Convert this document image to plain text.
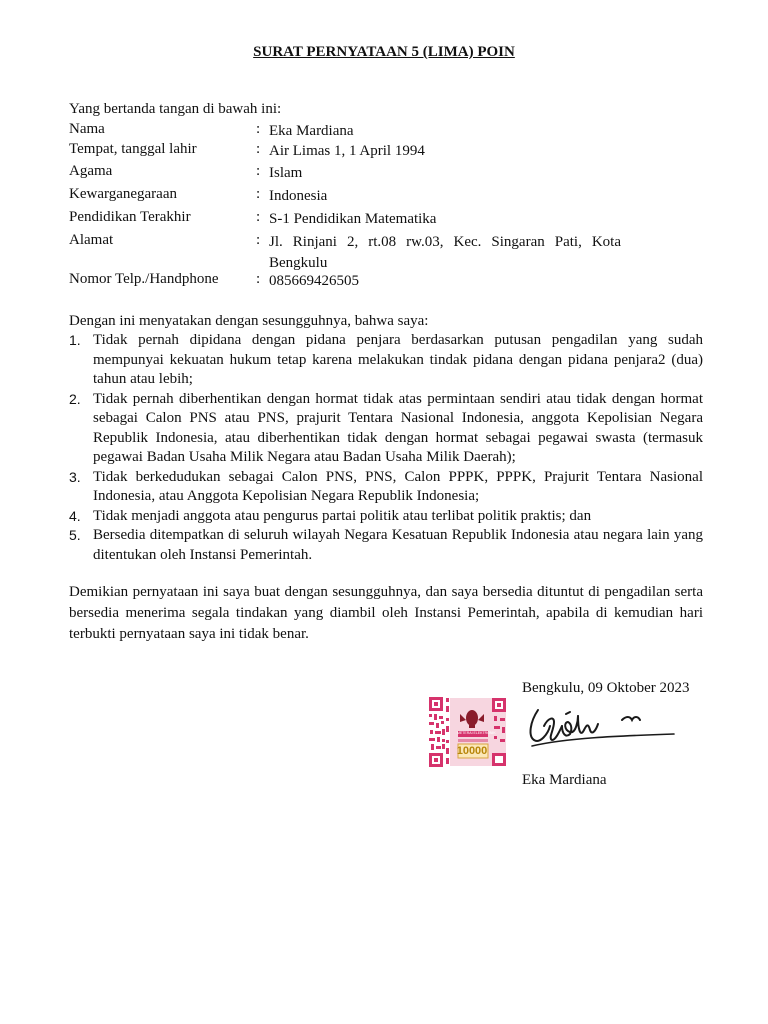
SURAT PERNYATAAN 5 (LIMA) POIN
Yang bertanda tangan di bawah ini:
Nama	: Eka Mardiana
Tempat, tanggal lahir	: Air Limas 1, 1 April 1994
Agama	: Islam
Kewarganegaraan	: Indonesia
Pendidikan Terakhir	: S-1 Pendidikan Matematika
Alamat	: Jl. Rinjani 2, rt.08 rw.03, Kec. Singaran Pati, Kota
Bengkulu
Nomor Telp./Handphone	: 085669426505
Dengan ini menyatakan dengan sesungguhnya, bahwa saya:
1. Tidak pernah dipidana dengan pidana penjara berdasarkan putusan pengadilan yang sudah mempunyai kekuatan hukum tetap karena melakukan tindak pidana dengan pidana penjara2 (dua) tahun atau lebih;
2. Tidak pernah diberhentikan dengan hormat tidak atas permintaan sendiri atau tidak dengan hormat sebagai Calon PNS atau PNS, prajurit Tentara Nasional Indonesia, anggota Kepolisian Negara Republik Indonesia, atau diberhentikan tidak dengan hormat sebagai pegawai swasta (termasuk pegawai Badan Usaha Milik Negara atau Badan Usaha Milik Daerah);
3. Tidak berkedudukan sebagai Calon PNS, PNS, Calon PPPK, PPPK, Prajurit Tentara Nasional Indonesia, atau Anggota Kepolisian Negara Republik Indonesia;
4. Tidak menjadi anggota atau pengurus partai politik atau terlibat politik praktis; dan
5. Bersedia ditempatkan di seluruh wilayah Negara Kesatuan Republik Indonesia atau negara lain yang ditentukan oleh Instansi Pemerintah.
Demikian pernyataan ini saya buat dengan sesungguhnya, dan saya bersedia dituntut di pengadilan serta bersedia menerima segala tindakan yang diambil oleh Instansi Pemerintah, apabila di kemudian hari terbukti pernyataan saya ini tidak benar.
Bengkulu, 09 Oktober 2023
METERAI ELEKTRONIK
10000
Eka Mardiana
